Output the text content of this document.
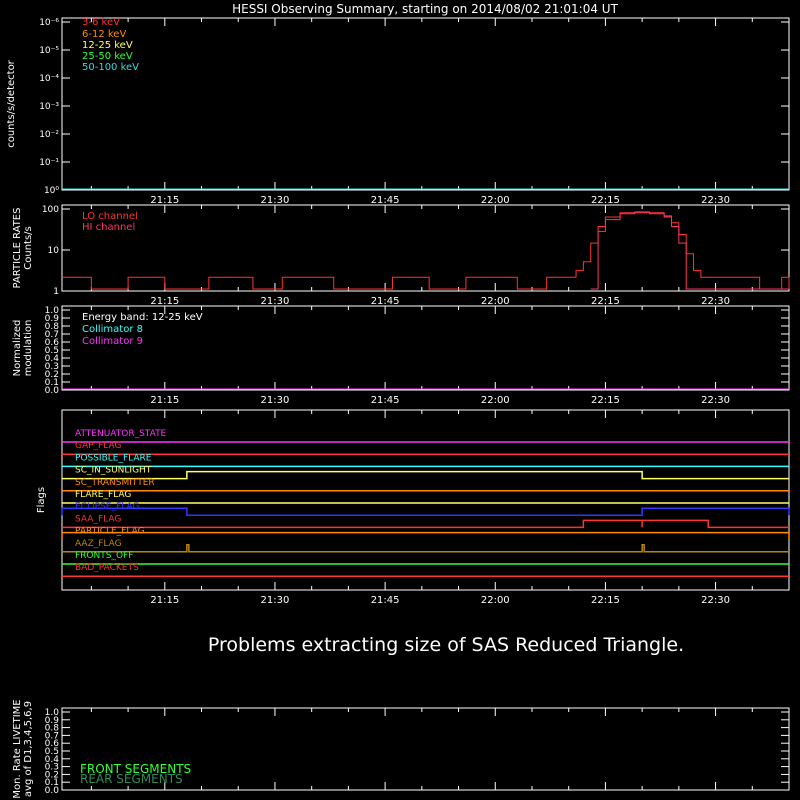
HESSI Observing Summary, starting on 2014/08/02 21:01:04 UT
21:15	21:30	21:45	22:00	22:15	22:30
10⁰
10⁻¹
10⁻²
10⁻³
10⁻⁴
10⁻⁵
10⁻⁶
counts/s/detector
3-6 keV
6-12 keV
12-25 keV
25-50 keV
50-100 keV
21:15	21:30	21:45	22:00	22:15	22:30
1
10
100
PARTICLE RATES Counts/s
LO channel
HI channel
21:15	21:30	21:45	22:00	22:15	22:30
0.0
0.1
0.2
0.3
0.4
0.5
0.6
0.7
0.8
0.9
1.0
Normalized modulation
Energy band: 12-25 keV
Collimator 8
Collimator 9
21:15	21:30	21:45	22:00	22:15	22:30
Flags
ATTENUATOR_STATE
GAP_FLAG
POSSIBLE_FLARE
SC_IN_SUNLIGHT
SC_TRANSMITTER
FLARE_FLAG
ECLIPSE_FLAG
SAA_FLAG
PARTICLE_FLAG
AAZ_FLAG
FRONTS_OFF
BAD_PACKETS
Problems extracting size of SAS Reduced Triangle.
0.0
0.1
0.2
0.3
0.4
0.5
0.6
0.7
0.8
0.9
1.0
Mon. Rate LIVETIME avg of D1,3,4,5,6,9	FRONT SEGMENTS
REAR SEGMENTS
